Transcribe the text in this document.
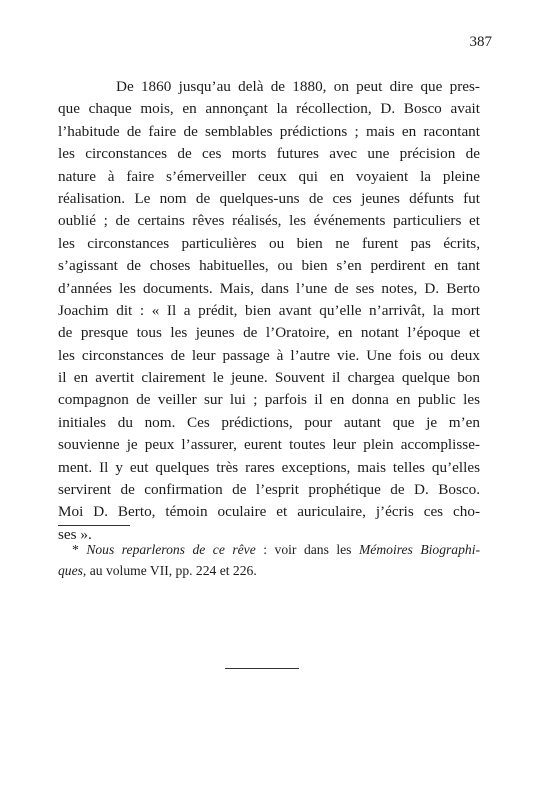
387
De 1860 jusqu’au delà de 1880, on peut dire que pres-
que chaque mois, en annonçant la récollection, D. Bosco avait
l’habitude de faire de semblables prédictions ; mais en racontant
les circonstances de ces morts futures avec une précision de
nature à faire s’émerveiller ceux qui en voyaient la pleine
réalisation. Le nom de quelques-uns de ces jeunes défunts fut
oublié ; de certains rêves réalisés, les événements particuliers et
les circonstances particulières ou bien ne furent pas écrits,
s’agissant de choses habituelles, ou bien s’en perdirent en tant
d’années les documents. Mais, dans l’une de ses notes, D. Berto
Joachim dit : « Il a prédit, bien avant qu’elle n’arrivât, la mort
de presque tous les jeunes de l’Oratoire, en notant l’époque et
les circonstances de leur passage à l’autre vie. Une fois ou deux
il en avertit clairement le jeune. Souvent il chargea quelque bon
compagnon de veiller sur lui ; parfois il en donna en public les
initiales du nom. Ces prédictions, pour autant que je m’en
souvienne je peux l’assurer, eurent toutes leur plein accomplisse-
ment. Il y eut quelques très rares exceptions, mais telles qu’elles
servirent de confirmation de l’esprit prophétique de D. Bosco.
Moi D. Berto, témoin oculaire et auriculaire, j’écris ces cho-
ses ».
* Nous reparlerons de ce rêve : voir dans les Mémoires Biographi-
ques, au volume VII, pp. 224 et 226.
